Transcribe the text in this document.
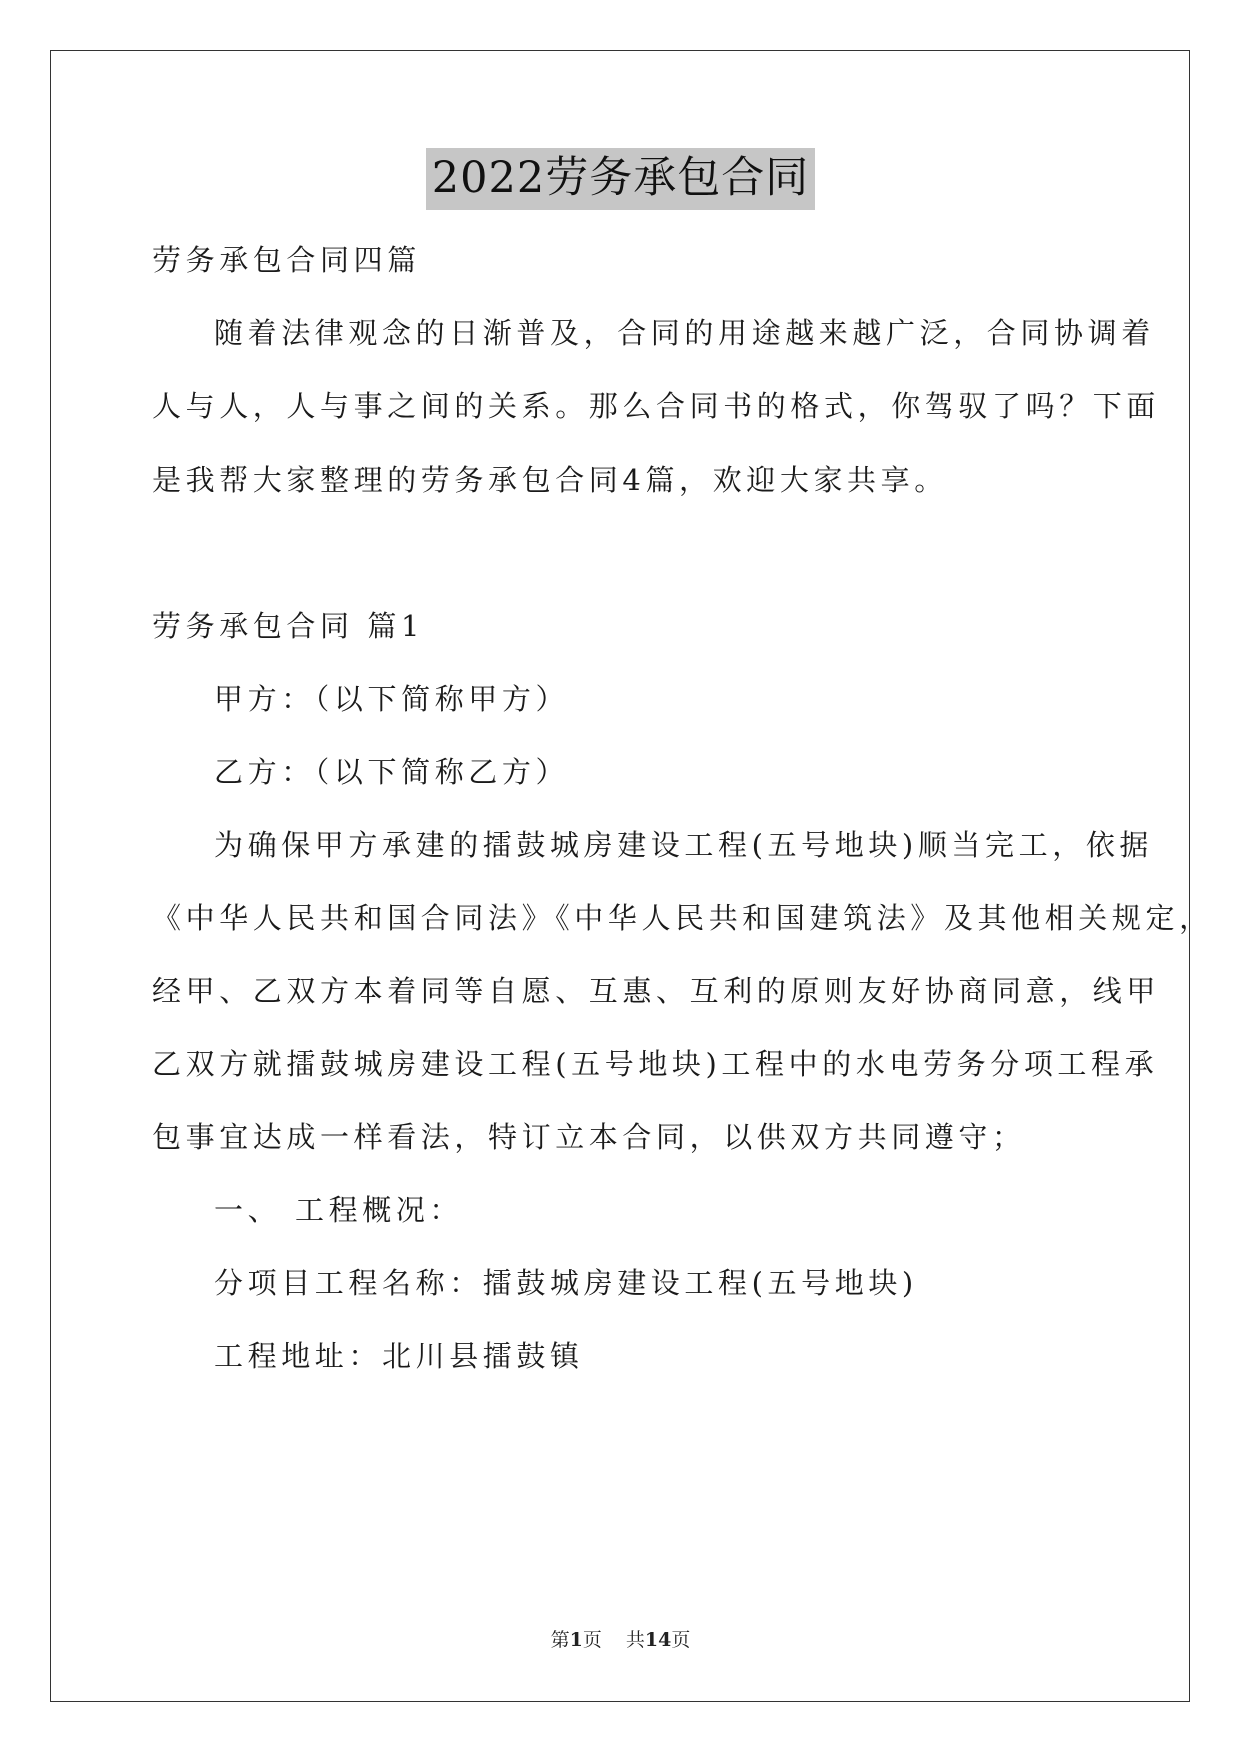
2022劳务承包合同
劳务承包合同四篇
随着法律观念的日渐普及，合同的用途越来越广泛，合同协调着
人与人，人与事之间的关系。那么合同书的格式，你驾驭了吗？下面
是我帮大家整理的劳务承包合同4篇，欢迎大家共享。
劳务承包合同 篇1
甲方：（以下简称甲方）
乙方：（以下简称乙方）
为确保甲方承建的擂鼓城房建设工程(五号地块)顺当完工，依据
《中华人民共和国合同法》《中华人民共和国建筑法》及其他相关规定，
经甲、乙双方本着同等自愿、互惠、互利的原则友好协商同意，线甲
乙双方就擂鼓城房建设工程(五号地块)工程中的水电劳务分项工程承
包事宜达成一样看法，特订立本合同，以供双方共同遵守；
一、 工程概况：
分项目工程名称：擂鼓城房建设工程(五号地块)
工程地址：北川县擂鼓镇
第1页 共14页
